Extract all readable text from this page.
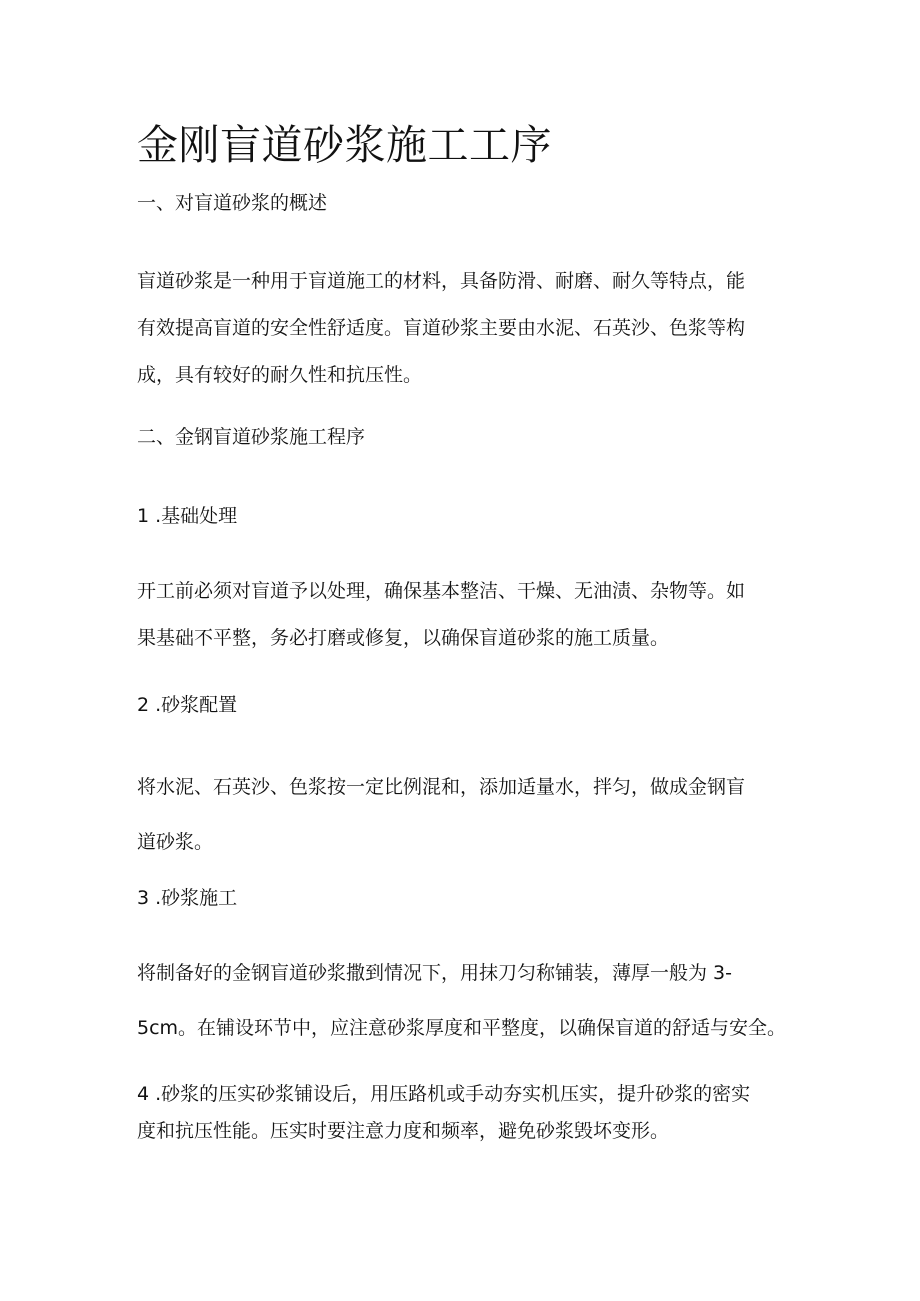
金刚盲道砂浆施工工序
一、对盲道砂浆的概述
盲道砂浆是一种用于盲道施工的材料，具备防滑、耐磨、耐久等特点，能
有效提高盲道的安全性舒适度。盲道砂浆主要由水泥、石英沙、色浆等构
成，具有较好的耐久性和抗压性。
二、金钢盲道砂浆施工程序
1 .基础处理
开工前必须对盲道予以处理，确保基本整洁、干燥、无油渍、杂物等。如
果基础不平整，务必打磨或修复，以确保盲道砂浆的施工质量。
2 .砂浆配置
将水泥、石英沙、色浆按一定比例混和，添加适量水，拌匀，做成金钢盲
道砂浆。
3 .砂浆施工
将制备好的金钢盲道砂浆撒到情况下，用抹刀匀称铺装，薄厚一般为 3-
5cm。在铺设环节中，应注意砂浆厚度和平整度，以确保盲道的舒适与安全。
4 .砂浆的压实砂浆铺设后，用压路机或手动夯实机压实，提升砂浆的密实
度和抗压性能。压实时要注意力度和频率，避免砂浆毁坏变形。
